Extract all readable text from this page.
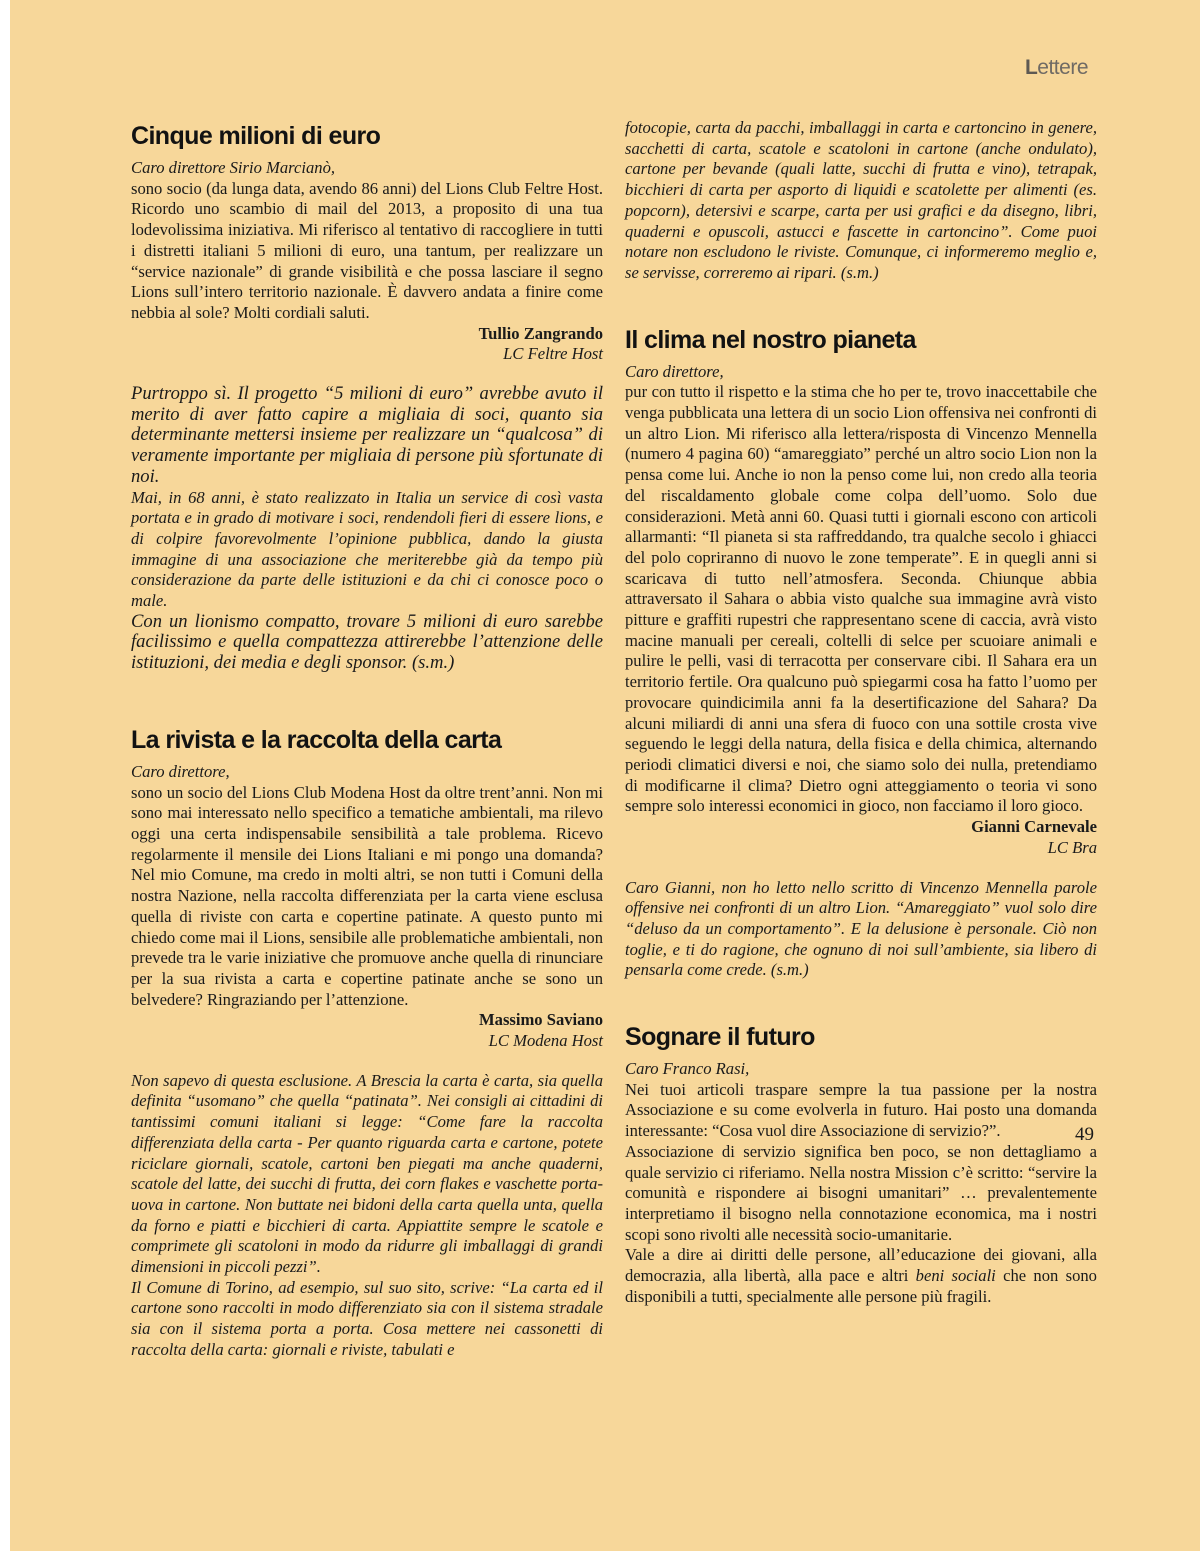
Lettere
Cinque milioni di euro

Caro direttore Sirio Marcianò,

sono socio (da lunga data, avendo 86 anni) del Lions Club Feltre Host. Ricordo uno scambio di mail del 2013, a proposito di una tua lodevolissima iniziativa. Mi riferisco al tentativo di raccogliere in tutti i distretti italiani 5 milioni di euro, una tantum, per realizzare un “service nazionale” di grande visibilità e che possa lasciare il segno Lions sull’intero territorio nazionale. È davvero andata a finire come nebbia al sole? Molti cordiali saluti.

Tullio Zangrando

LC Feltre Host

Purtroppo sì. Il progetto “5 milioni di euro” avrebbe avuto il merito di aver fatto capire a migliaia di soci, quanto sia determinante mettersi insieme per realizzare un “qualcosa” di veramente importante per migliaia di persone più sfortunate di noi.

Mai, in 68 anni, è stato realizzato in Italia un service di così vasta portata e in grado di motivare i soci, rendendoli fieri di essere lions, e di colpire favorevolmente l’opinione pubblica, dando la giusta immagine di una associazione che meriterebbe già da tempo più considerazione da parte delle istituzioni e da chi ci conosce poco o male.

Con un lionismo compatto, trovare 5 milioni di euro sarebbe facilissimo e quella compattezza attirerebbe l’attenzione delle istituzioni, dei media e degli sponsor. (s.m.)

La rivista e la raccolta della carta

Caro direttore,

sono un socio del Lions Club Modena Host da oltre trent’anni. Non mi sono mai interessato nello specifico a tematiche ambientali, ma rilevo oggi una certa indispensabile sensibilità a tale problema. Ricevo regolarmente il mensile dei Lions Italiani e mi pongo una domanda? Nel mio Comune, ma credo in molti altri, se non tutti i Comuni della nostra Nazione, nella raccolta differenziata per la carta viene esclusa quella di riviste con carta e copertine patinate. A questo punto mi chiedo come mai il Lions, sensibile alle problematiche ambientali, non prevede tra le varie iniziative che promuove anche quella di rinunciare per la sua rivista a carta e copertine patinate anche se sono un belvedere? Ringraziando per l’attenzione.

Massimo Saviano

LC Modena Host

Non sapevo di questa esclusione. A Brescia la carta è carta, sia quella definita “usomano” che quella “patinata”. Nei consigli ai cittadini di tantissimi comuni italiani si legge: “Come fare la raccolta differenziata della carta - Per quanto riguarda carta e cartone, potete riciclare giornali, scatole, cartoni ben piegati ma anche quaderni, scatole del latte, dei succhi di frutta, dei corn flakes e vaschette porta-uova in cartone. Non buttate nei bidoni della carta quella unta, quella da forno e piatti e bicchieri di carta. Appiattite sempre le scatole e comprimete gli scatoloni in modo da ridurre gli imballaggi di grandi dimensioni in piccoli pezzi”.

Il Comune di Torino, ad esempio, sul suo sito, scrive: “La carta ed il cartone sono raccolti in modo differenziato sia con il sistema stradale sia con il sistema porta a porta. Cosa mettere nei cassonetti di raccolta della carta: giornali e riviste, tabulati e

fotocopie, carta da pacchi, imballaggi in carta e cartoncino in genere, sacchetti di carta, scatole e scatoloni in cartone (anche ondulato), cartone per bevande (quali latte, succhi di frutta e vino), tetrapak, bicchieri di carta per asporto di liquidi e scatolette per alimenti (es. popcorn), detersivi e scarpe, carta per usi grafici e da disegno, libri, quaderni e opuscoli, astucci e fascette in cartoncino”. Come puoi notare non escludono le riviste. Comunque, ci informeremo meglio e, se servisse, correremo ai ripari. (s.m.)

Il clima nel nostro pianeta

Caro direttore,

pur con tutto il rispetto e la stima che ho per te, trovo inaccettabile che venga pubblicata una lettera di un socio Lion offensiva nei confronti di un altro Lion. Mi riferisco alla lettera/risposta di Vincenzo Mennella (numero 4 pagina 60) “amareggiato” perché un altro socio Lion non la pensa come lui. Anche io non la penso come lui, non credo alla teoria del riscaldamento globale come colpa dell’uomo. Solo due considerazioni. Metà anni 60. Quasi tutti i giornali escono con articoli allarmanti: “Il pianeta si sta raffreddando, tra qualche secolo i ghiacci del polo copriranno di nuovo le zone temperate”. E in quegli anni si scaricava di tutto nell’atmosfera. Seconda. Chiunque abbia attraversato il Sahara o abbia visto qualche sua immagine avrà visto pitture e graffiti rupestri che rappresentano scene di caccia, avrà visto macine manuali per cereali, coltelli di selce per scuoiare animali e pulire le pelli, vasi di terracotta per conservare cibi. Il Sahara era un territorio fertile. Ora qualcuno può spiegarmi cosa ha fatto l’uomo per provocare quindicimila anni fa la desertificazione del Sahara? Da alcuni miliardi di anni una sfera di fuoco con una sottile crosta vive seguendo le leggi della natura, della fisica e della chimica, alternando periodi climatici diversi e noi, che siamo solo dei nulla, pretendiamo di modificarne il clima? Dietro ogni atteggiamento o teoria vi sono sempre solo interessi economici in gioco, non facciamo il loro gioco.

Gianni Carnevale

LC Bra

Caro Gianni, non ho letto nello scritto di Vincenzo Mennella parole offensive nei confronti di un altro Lion. “Amareggiato” vuol solo dire “deluso da un comportamento”. E la delusione è personale. Ciò non toglie, e ti do ragione, che ognuno di noi sull’ambiente, sia libero di pensarla come crede. (s.m.)

Sognare il futuro

Caro Franco Rasi,

Nei tuoi articoli traspare sempre la tua passione per la nostra Associazione e su come evolverla in futuro. Hai posto una domanda interessante: “Cosa vuol dire Associazione di servizio?”.

Associazione di servizio significa ben poco, se non dettagliamo a quale servizio ci riferiamo. Nella nostra Mission c’è scritto: “servire la comunità e rispondere ai bisogni umanitari” … prevalentemente interpretiamo il bisogno nella connotazione economica, ma i nostri scopi sono rivolti alle necessità socio-umanitarie.

Vale a dire ai diritti delle persone, all’educazione dei giovani, alla democrazia, alla libertà, alla pace e altri beni sociali che non sono disponibili a tutti, specialmente alle persone più fragili.

49
